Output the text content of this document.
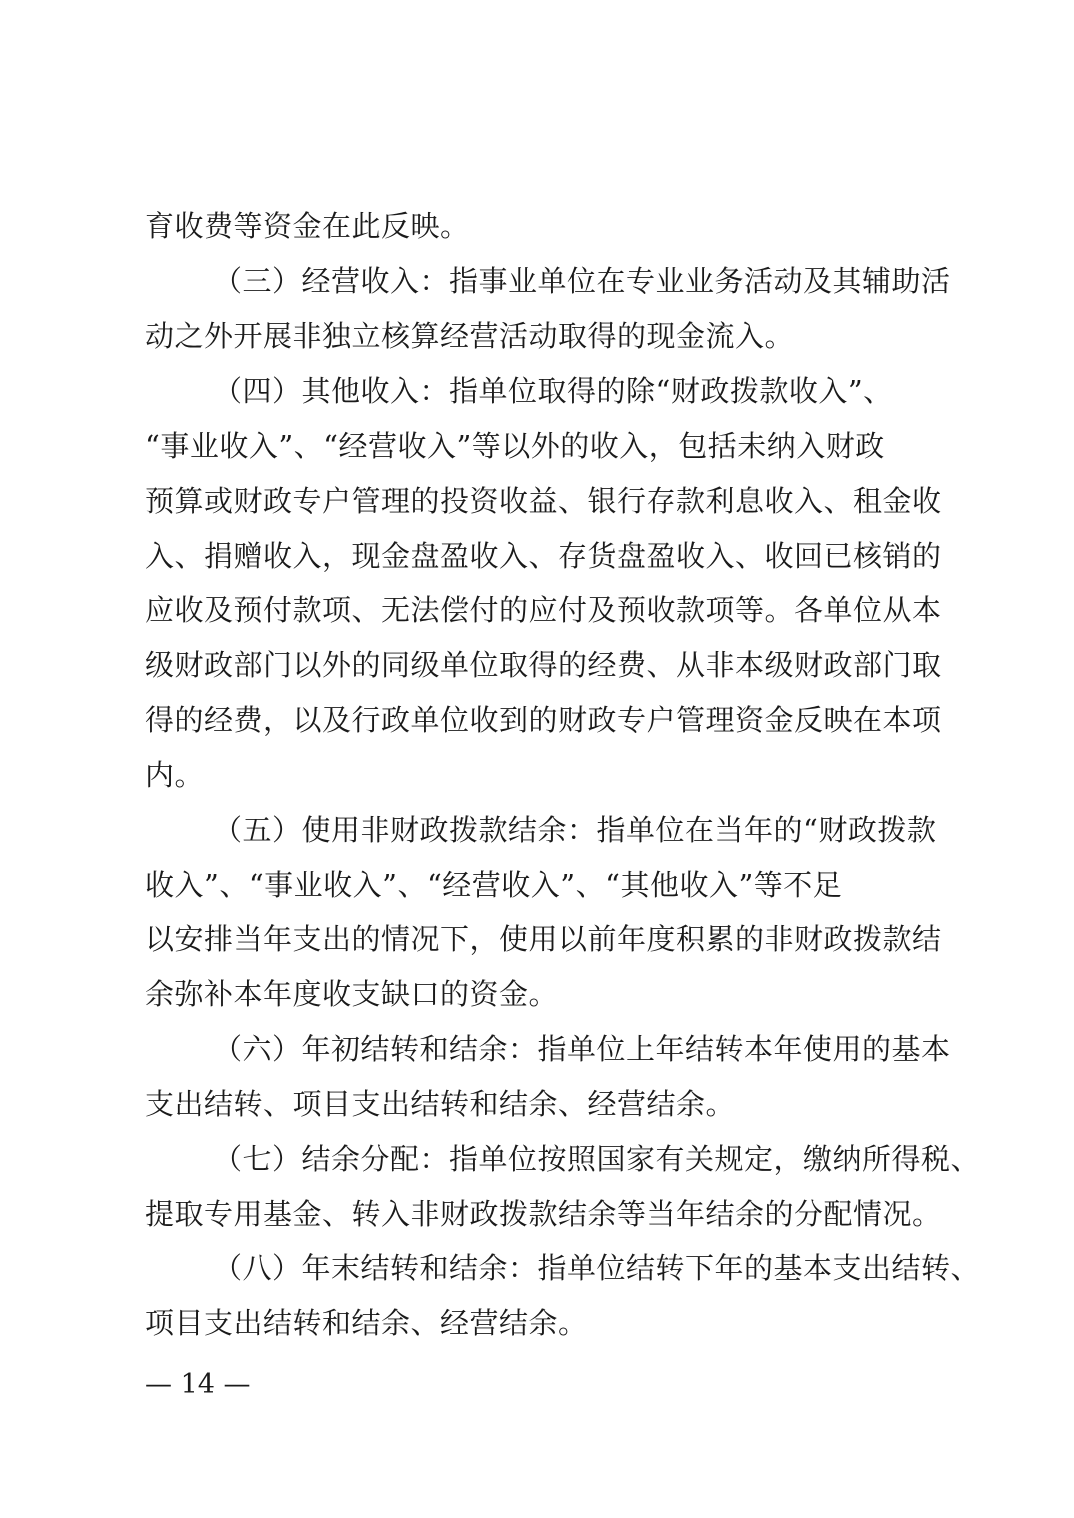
育收费等资金在此反映。
（三）经营收入：指事业单位在专业业务活动及其辅助活
动之外开展非独立核算经营活动取得的现金流入。
（四）其他收入：指单位取得的除“财政拨款收入”、
“事业收入”、“经营收入”等以外的收入，包括未纳入财政
预算或财政专户管理的投资收益、银行存款利息收入、租金收
入、捐赠收入，现金盘盈收入、存货盘盈收入、收回已核销的
应收及预付款项、无法偿付的应付及预收款项等。各单位从本
级财政部门以外的同级单位取得的经费、从非本级财政部门取
得的经费，以及行政单位收到的财政专户管理资金反映在本项
内。
（五）使用非财政拨款结余：指单位在当年的“财政拨款
收入”、“事业收入”、“经营收入”、“其他收入”等不足
以安排当年支出的情况下，使用以前年度积累的非财政拨款结
余弥补本年度收支缺口的资金。
（六）年初结转和结余：指单位上年结转本年使用的基本
支出结转、项目支出结转和结余、经营结余。
（七）结余分配：指单位按照国家有关规定，缴纳所得税、
提取专用基金、转入非财政拨款结余等当年结余的分配情况。
（八）年末结转和结余：指单位结转下年的基本支出结转、
项目支出结转和结余、经营结余。
— 14 —
